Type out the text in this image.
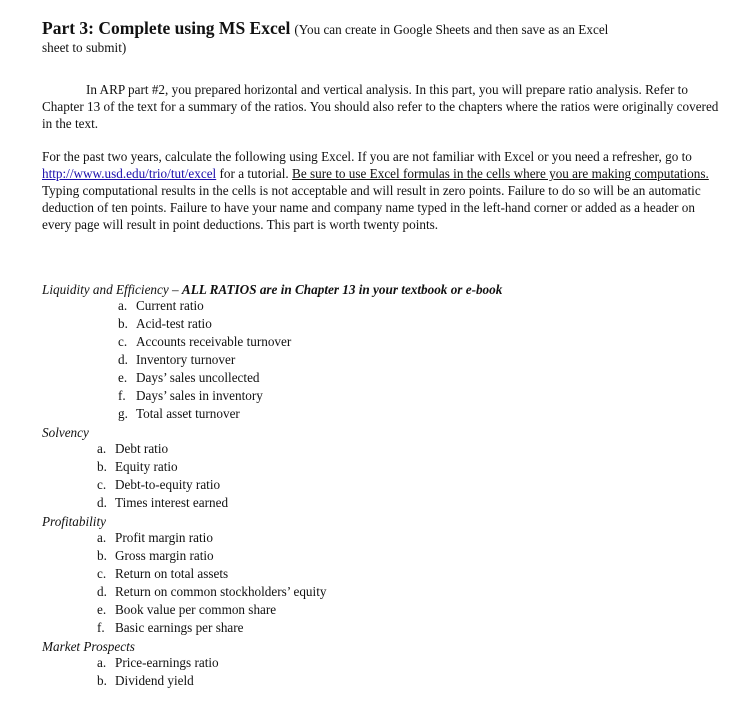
Part 3: Complete using MS Excel (You can create in Google Sheets and then save as an Excel

sheet to submit)

In ARP part #2, you prepared horizontal and vertical analysis. In this part, you will prepare ratio analysis. Refer to Chapter 13 of the text for a summary of the ratios. You should also refer to the chapters where the ratios were originally covered in the text.

For the past two years, calculate the following using Excel. If you are not familiar with Excel or you need a refresher, go to http://www.usd.edu/trio/tut/excel for a tutorial. Be sure to use Excel formulas in the cells where you are making computations. Typing computational results in the cells is not acceptable and will result in zero points. Failure to do so will be an automatic deduction of ten points. Failure to have your name and company name typed in the left-hand corner or added as a header on every page will result in point deductions. This part is worth twenty points.

Liquidity and Efficiency – ALL RATIOS are in Chapter 13 in your textbook or e-book

a. Current ratio
b. Acid-test ratio
c. Accounts receivable turnover
d. Inventory turnover
e. Days’ sales uncollected
f. Days’ sales in inventory
g. Total asset turnover

Solvency

a. Debt ratio
b. Equity ratio
c. Debt-to-equity ratio
d. Times interest earned

Profitability

a. Profit margin ratio
b. Gross margin ratio
c. Return on total assets
d. Return on common stockholders’ equity
e. Book value per common share
f. Basic earnings per share

Market Prospects

a. Price-earnings ratio
b. Dividend yield
